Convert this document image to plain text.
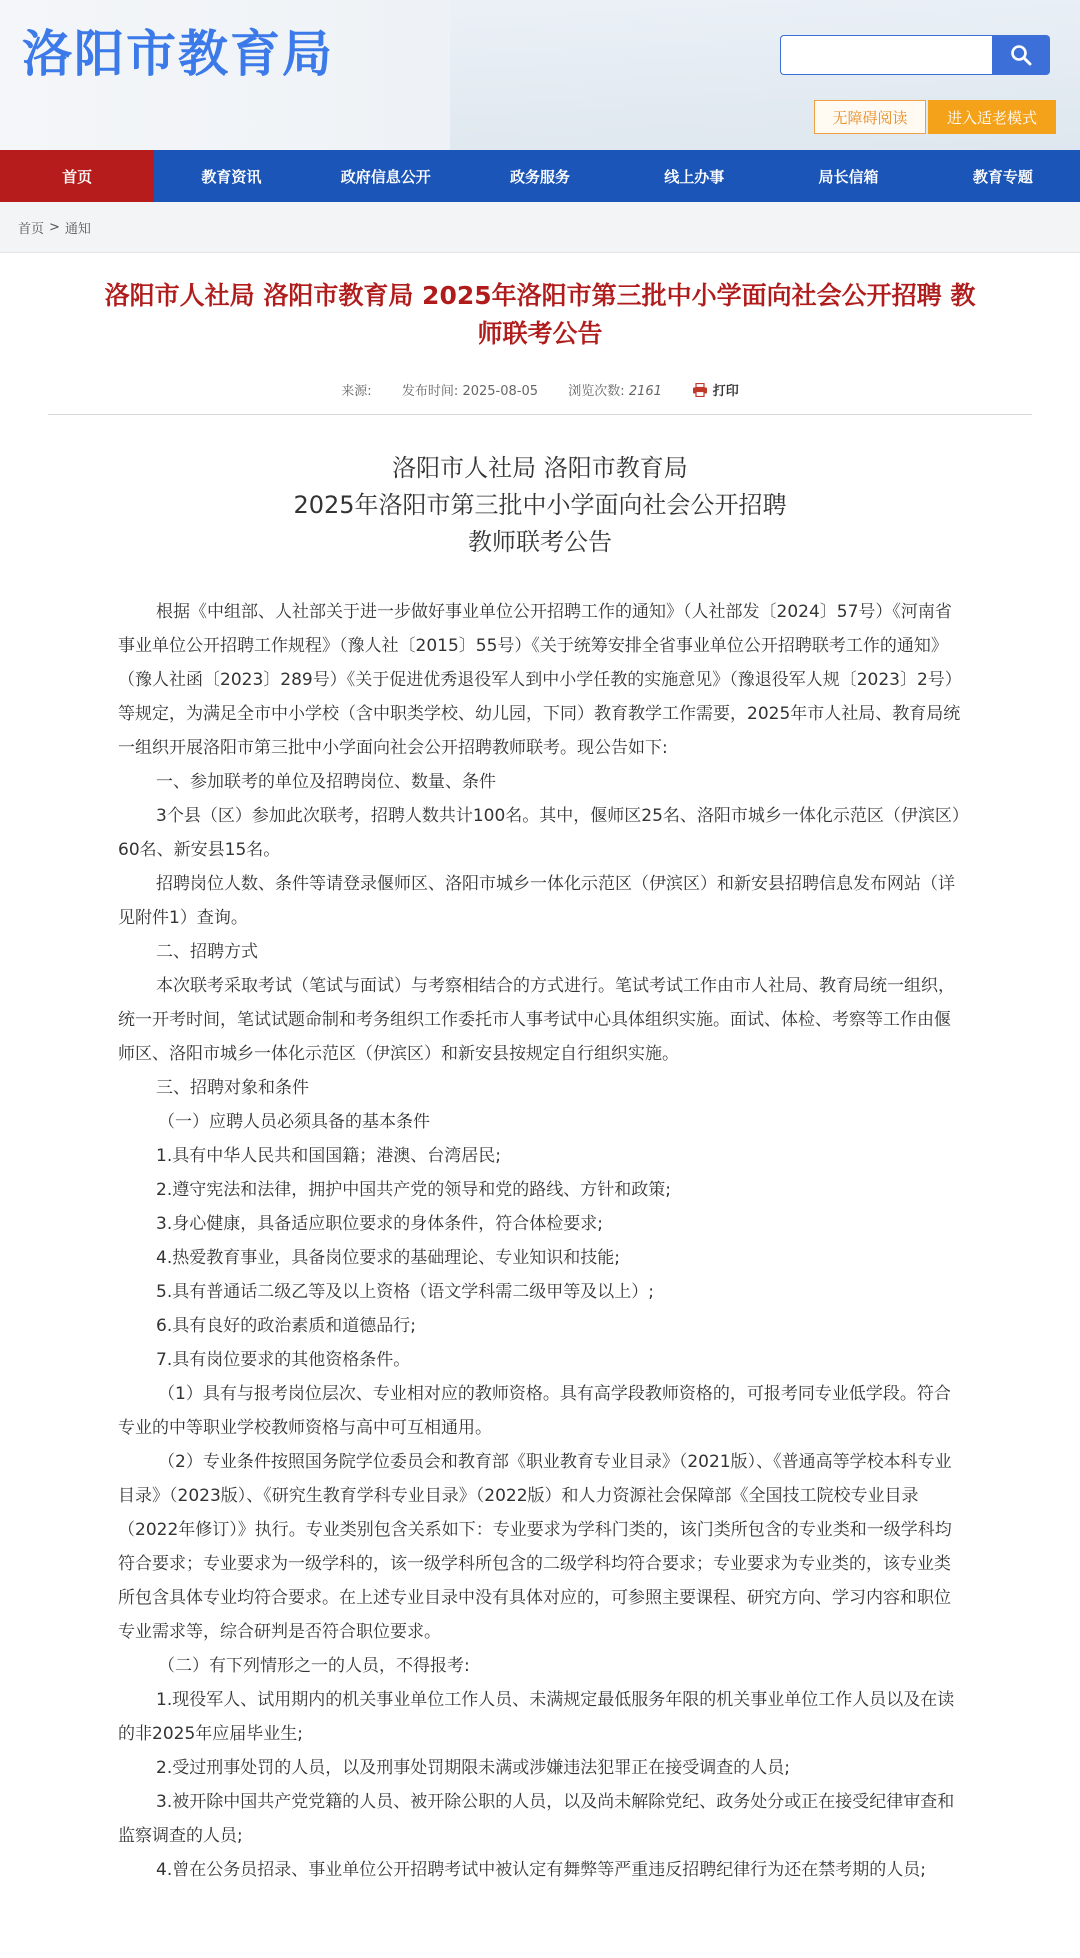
洛阳市教育局
无障碍阅读	进入适老模式
首页	教育资讯	政府信息公开	政务服务	线上办事	局长信箱	教育专题
首页 > 通知
洛阳市人社局 洛阳市教育局 2025年洛阳市第三批中小学面向社会公开招聘 教
师联考公告
来源: 发布时间: 2025-08-05 浏览次数: 2161	打印
洛阳市人社局 洛阳市教育局
2025年洛阳市第三批中小学面向社会公开招聘
教师联考公告

根据《中组部、人社部关于进一步做好事业单位公开招聘工作的通知》（人社部发〔2024〕57号）《河南省事业单位公开招聘工作规程》（豫人社〔2015〕55号）《关于统筹安排全省事业单位公开招聘联考工作的通知》（豫人社函〔2023〕289号）《关于促进优秀退役军人到中小学任教的实施意见》（豫退役军人规〔2023〕2号）等规定，为满足全市中小学校（含中职类学校、幼儿园，下同）教育教学工作需要，2025年市人社局、教育局统一组织开展洛阳市第三批中小学面向社会公开招聘教师联考。现公告如下:

一、参加联考的单位及招聘岗位、数量、条件

3个县（区）参加此次联考，招聘人数共计100名。其中，偃师区25名、洛阳市城乡一体化示范区（伊滨区）60名、新安县15名。

招聘岗位人数、条件等请登录偃师区、洛阳市城乡一体化示范区（伊滨区）和新安县招聘信息发布网站（详见附件1）查询。

二、招聘方式

本次联考采取考试（笔试与面试）与考察相结合的方式进行。笔试考试工作由市人社局、教育局统一组织，统一开考时间，笔试试题命制和考务组织工作委托市人事考试中心具体组织实施。面试、体检、考察等工作由偃师区、洛阳市城乡一体化示范区（伊滨区）和新安县按规定自行组织实施。

三、招聘对象和条件

（一）应聘人员必须具备的基本条件

1.具有中华人民共和国国籍；港澳、台湾居民;

2.遵守宪法和法律，拥护中国共产党的领导和党的路线、方针和政策;

3.身心健康，具备适应职位要求的身体条件，符合体检要求;

4.热爱教育事业，具备岗位要求的基础理论、专业知识和技能;

5.具有普通话二级乙等及以上资格（语文学科需二级甲等及以上）;

6.具有良好的政治素质和道德品行;

7.具有岗位要求的其他资格条件。

（1）具有与报考岗位层次、专业相对应的教师资格。具有高学段教师资格的，可报考同专业低学段。符合专业的中等职业学校教师资格与高中可互相通用。

（2）专业条件按照国务院学位委员会和教育部《职业教育专业目录》（2021版）、《普通高等学校本科专业目录》（2023版）、《研究生教育学科专业目录》（2022版）和人力资源社会保障部《全国技工院校专业目录（2022年修订）》执行。专业类别包含关系如下：专业要求为学科门类的，该门类所包含的专业类和一级学科均符合要求；专业要求为一级学科的，该一级学科所包含的二级学科均符合要求；专业要求为专业类的，该专业类所包含具体专业均符合要求。在上述专业目录中没有具体对应的，可参照主要课程、研究方向、学习内容和职位专业需求等，综合研判是否符合职位要求。

（二）有下列情形之一的人员，不得报考:

1.现役军人、试用期内的机关事业单位工作人员、未满规定最低服务年限的机关事业单位工作人员以及在读的非2025年应届毕业生;

2.受过刑事处罚的人员，以及刑事处罚期限未满或涉嫌违法犯罪正在接受调查的人员;

3.被开除中国共产党党籍的人员、被开除公职的人员，以及尚未解除党纪、政务处分或正在接受纪律审查和监察调查的人员;

4.曾在公务员招录、事业单位公开招聘考试中被认定有舞弊等严重违反招聘纪律行为还在禁考期的人员;
